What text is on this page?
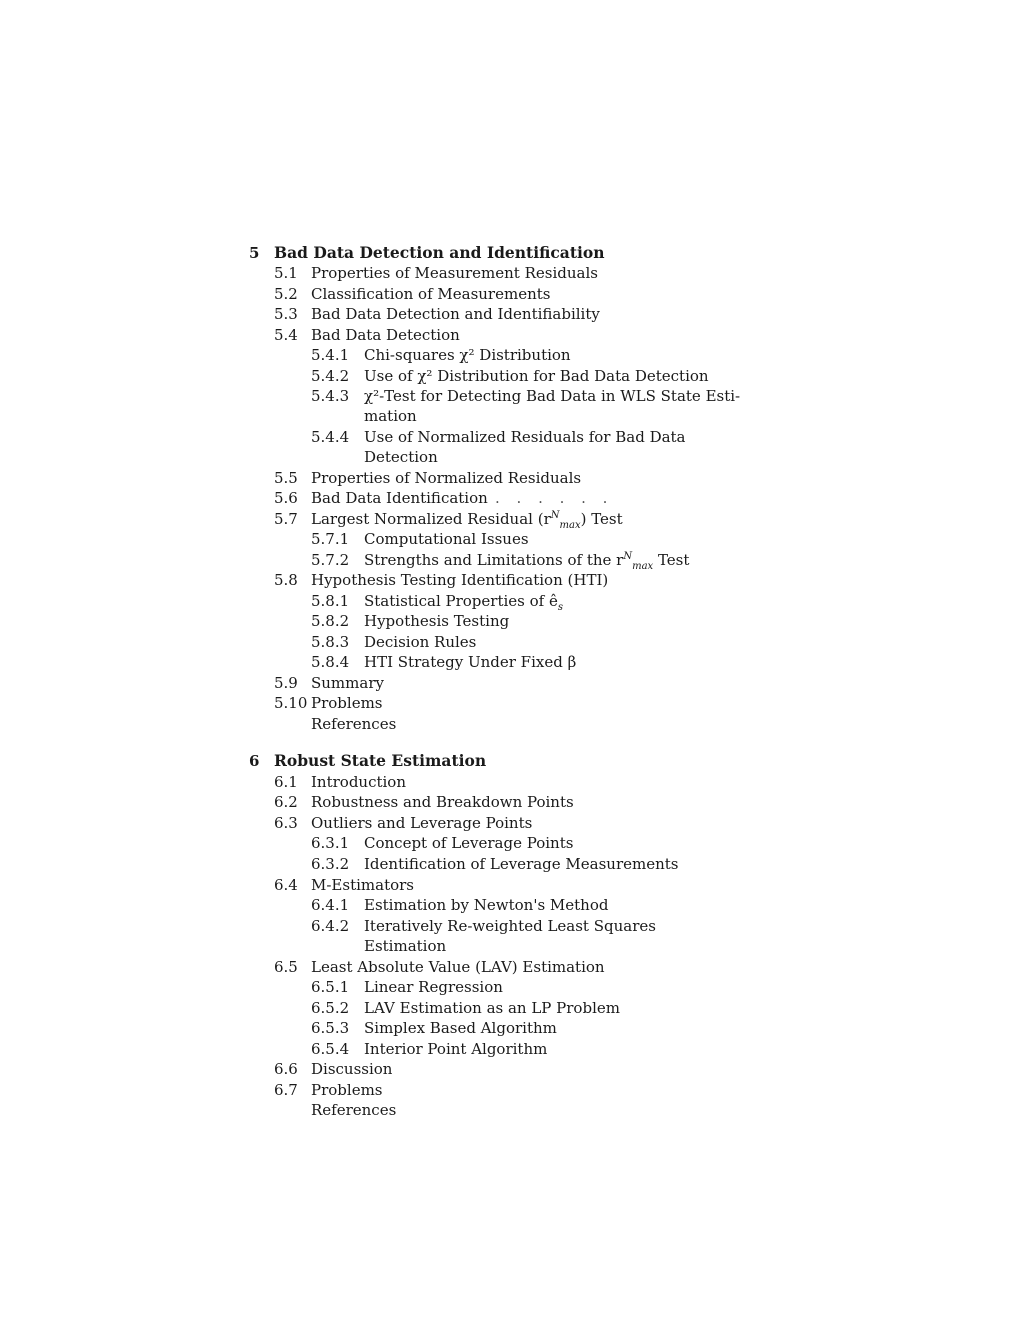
5 Bad Data Detection and Identification
5.1 Properties of Measurement Residuals
5.2 Classification of Measurements
5.3 Bad Data Detection and Identifiability
5.4 Bad Data Detection
5.4.1 Chi-squares χ² Distribution
5.4.2 Use of χ² Distribution for Bad Data Detection
5.4.3 χ²-Test for Detecting Bad Data in WLS State Esti-
mation
5.4.4 Use of Normalized Residuals for Bad Data
Detection
5.5 Properties of Normalized Residuals
5.6 Bad Data Identification . . . . . .
5.7 Largest Normalized Residual $(r^N_{max})$ Test
5.7.1 Computational Issues
5.7.2 Strengths and Limitations of the $r^N_{max}$ Test
5.8 Hypothesis Testing Identification (HTI)
5.8.1 Statistical Properties of $ê_s$
5.8.2 Hypothesis Testing
5.8.3 Decision Rules
5.8.4 HTI Strategy Under Fixed β
5.9 Summary
5.10 Problems
References
6 Robust State Estimation
6.1 Introduction
6.2 Robustness and Breakdown Points
6.3 Outliers and Leverage Points
6.3.1 Concept of Leverage Points
6.3.2 Identification of Leverage Measurements
6.4 M-Estimators
6.4.1 Estimation by Newton's Method
6.4.2 Iteratively Re-weighted Least Squares
Estimation
6.5 Least Absolute Value (LAV) Estimation
6.5.1 Linear Regression
6.5.2 LAV Estimation as an LP Problem
6.5.3 Simplex Based Algorithm
6.5.4 Interior Point Algorithm
6.6 Discussion
6.7 Problems
References
